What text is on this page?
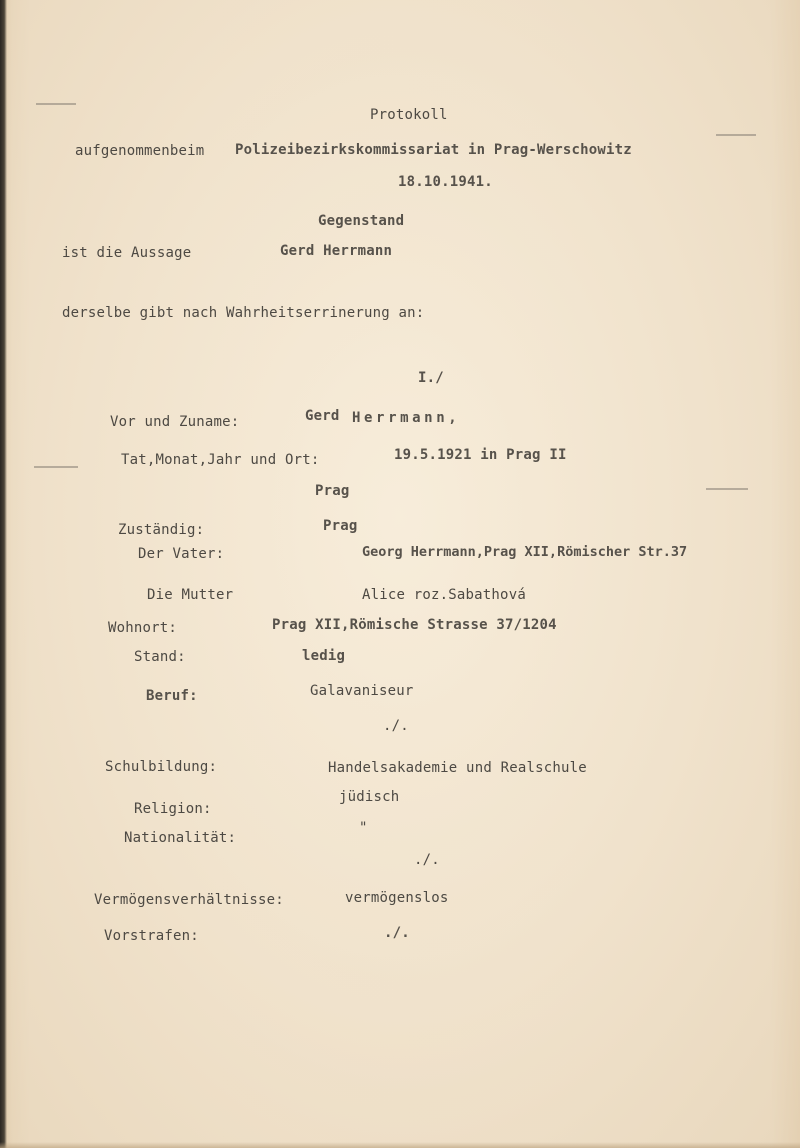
Protokoll
aufgenommenbeim Polizeibezirkskommissariat in Prag-Werschowitz
18.10.1941.
Gegenstand
ist die Aussage	Gerd Herrmann
derselbe gibt nach Wahrheitserrinerung an:
I./
Vor und Zuname:	Gerd Herrmann,
Tat,Monat,Jahr und Ort:	19.5.1921 in Prag II
Prag
Zuständig:	Prag
Der Vater:	Georg Herrmann,Prag XII,Römischer Str.37
Die Mutter	Alice roz.Sabathová
Wohnort:	Prag XII,Römische Strasse 37/1204
Stand:	ledig
Beruf:	Galavaniseur
./.
Schulbildung:	Handelsakademie und Realschule
Religion:
jüdisch
Nationalität:
"
./.
Vermögensverhältnisse:	vermögenslos
Vorstrafen:	./.
